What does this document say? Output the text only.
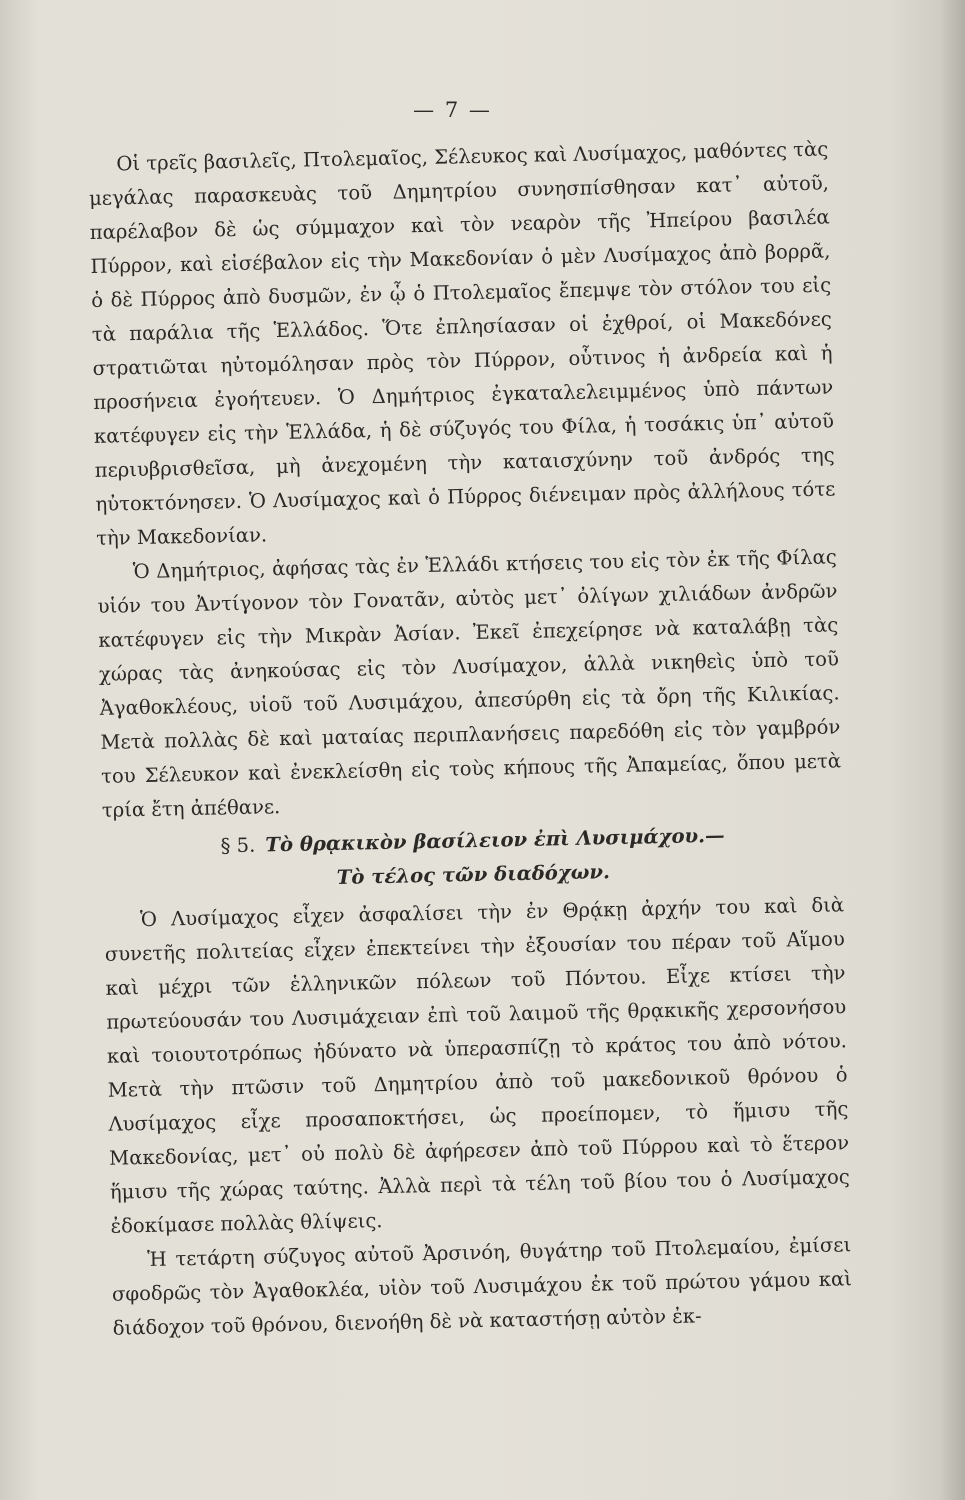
— 7 —

Οἱ τρεῖς βασιλεῖς, Πτολεμαῖος, Σέλευκος καὶ Λυσίμαχος, μαθόντες τὰς μεγάλας παρασκευὰς τοῦ Δημητρίου συνησπίσθησαν κατ᾽ αὐτοῦ, παρέλαβον δὲ ὡς σύμμαχον καὶ τὸν νεαρὸν τῆς Ἠπείρου βασιλέα Πύρρον, καὶ εἰσέβαλον εἰς τὴν Μακεδονίαν ὁ μὲν Λυσίμαχος ἀπὸ βορρᾶ, ὁ δὲ Πύρρος ἀπὸ δυσμῶν, ἐν ᾧ ὁ Πτολεμαῖος ἔπεμψε τὸν στόλον του εἰς τὰ παράλια τῆς Ἑλλάδος. Ὅτε ἐπλησίασαν οἱ ἐχθροί, οἱ Μακεδόνες στρατιῶται ηὐτομόλησαν πρὸς τὸν Πύρρον, οὗτινος ἡ ἀνδρεία καὶ ἡ προσήνεια ἐγοήτευεν. Ὁ Δημήτριος ἐγκαταλελειμμένος ὑπὸ πάντων κατέφυγεν εἰς τὴν Ἑλλάδα, ἡ δὲ σύζυγός του Φίλα, ἡ τοσάκις ὑπ᾽ αὐτοῦ περιυβρισθεῖσα, μὴ ἀνεχομένη τὴν καταισχύνην τοῦ ἀνδρός της ηὐτοκτόνησεν. Ὁ Λυσίμαχος καὶ ὁ Πύρρος διένειμαν πρὸς ἀλλήλους τότε τὴν Μακεδονίαν.

Ὁ Δημήτριος, ἀφήσας τὰς ἐν Ἑλλάδι κτήσεις του εἰς τὸν ἐκ τῆς Φίλας υἱόν του Ἀντίγονον τὸν Γονατᾶν, αὐτὸς μετ᾽ ὀλίγων χιλιάδων ἀνδρῶν κατέφυγεν εἰς τὴν Μικρὰν Ἀσίαν. Ἐκεῖ ἐπεχείρησε νὰ καταλάβῃ τὰς χώρας τὰς ἀνηκούσας εἰς τὸν Λυσίμαχον, ἀλλὰ νικηθεὶς ὑπὸ τοῦ Ἀγαθοκλέους, υἱοῦ τοῦ Λυσιμάχου, ἀπεσύρθη εἰς τὰ ὄρη τῆς Κιλικίας. Μετὰ πολλὰς δὲ καὶ ματαίας περιπλανήσεις παρεδόθη εἰς τὸν γαμβρόν του Σέλευκον καὶ ἐνεκλείσθη εἰς τοὺς κήπους τῆς Ἀπαμείας, ὅπου μετὰ τρία ἔτη ἀπέθανε.

§ 5. Τὸ θρᾳκικὸν βασίλειον ἐπὶ Λυσιμάχου.—

Τὸ τέλος τῶν διαδόχων.

Ὁ Λυσίμαχος εἶχεν ἀσφαλίσει τὴν ἐν Θρᾴκῃ ἀρχήν του καὶ διὰ συνετῆς πολιτείας εἶχεν ἐπεκτείνει τὴν ἐξουσίαν του πέραν τοῦ Αἵμου καὶ μέχρι τῶν ἑλληνικῶν πόλεων τοῦ Πόντου. Εἶχε κτίσει τὴν πρωτεύουσάν του Λυσιμάχειαν ἐπὶ τοῦ λαιμοῦ τῆς θρᾳκικῆς χερσονήσου καὶ τοιουτοτρόπως ἠδύνατο νὰ ὑπερασπίζῃ τὸ κράτος του ἀπὸ νότου. Μετὰ τὴν πτῶσιν τοῦ Δημητρίου ἀπὸ τοῦ μακεδονικοῦ θρόνου ὁ Λυσίμαχος εἶχε προσαποκτήσει, ὡς προείπομεν, τὸ ἥμισυ τῆς Μακεδονίας, μετ᾽ οὐ πολὺ δὲ ἀφήρεσεν ἀπὸ τοῦ Πύρρου καὶ τὸ ἕτερον ἥμισυ τῆς χώρας ταύτης. Ἀλλὰ περὶ τὰ τέλη τοῦ βίου του ὁ Λυσίμαχος ἐδοκίμασε πολλὰς θλίψεις.

Ἡ τετάρτη σύζυγος αὐτοῦ Ἀρσινόη, θυγάτηρ τοῦ Πτολεμαίου, ἐμίσει σφοδρῶς τὸν Ἀγαθοκλέα, υἱὸν τοῦ Λυσιμάχου ἐκ τοῦ πρώτου γάμου καὶ διάδοχον τοῦ θρόνου, διενοήθη δὲ νὰ καταστήσῃ αὐτὸν ἐκ-
